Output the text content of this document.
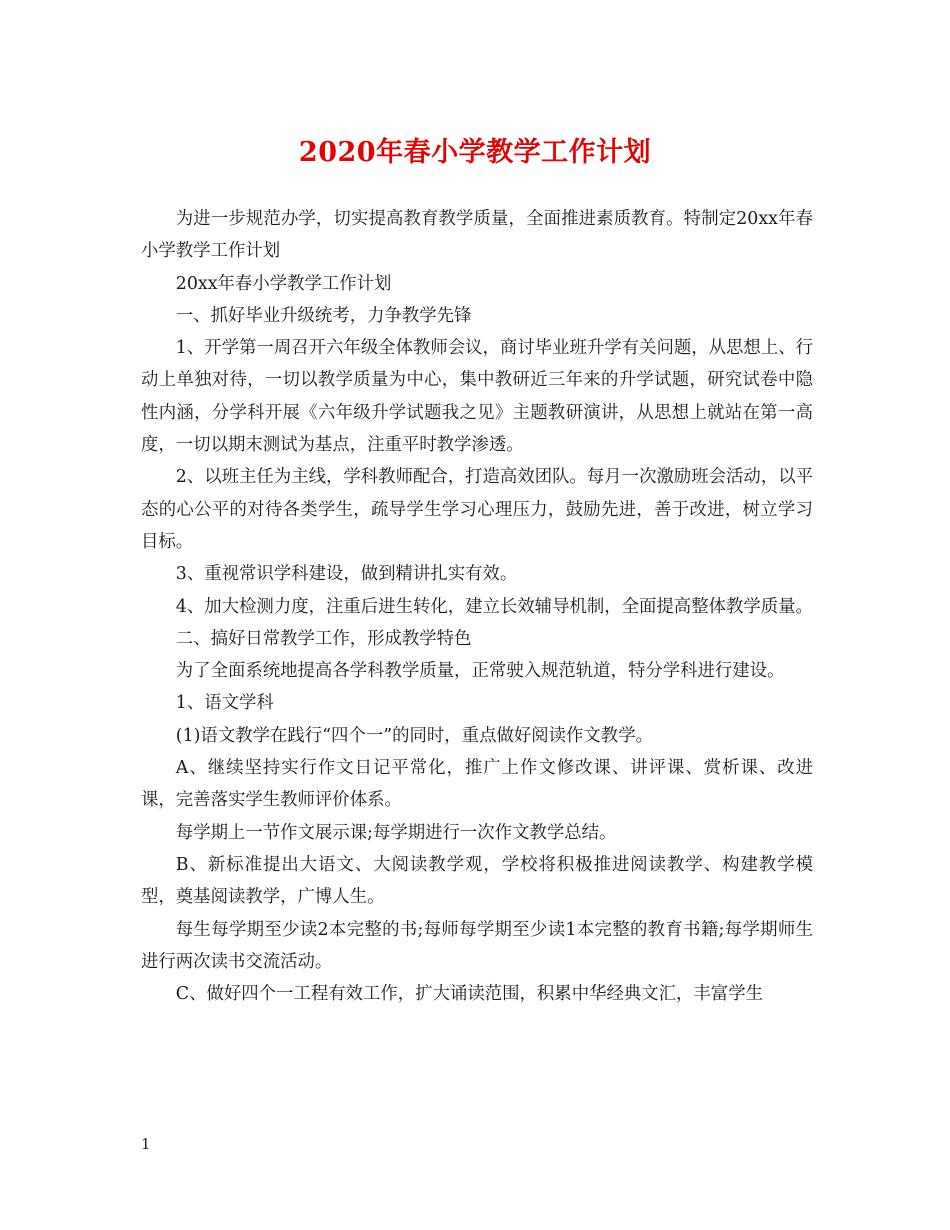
2020年春小学教学工作计划

为进一步规范办学，切实提高教育教学质量，全面推进素质教育。特制定20xx年春小学教学工作计划

20xx年春小学教学工作计划

一、抓好毕业升级统考，力争教学先锋

1、开学第一周召开六年级全体教师会议，商讨毕业班升学有关问题，从思想上、行动上单独对待，一切以教学质量为中心，集中教研近三年来的升学试题，研究试卷中隐性内涵，分学科开展《六年级升学试题我之见》主题教研演讲，从思想上就站在第一高度，一切以期末测试为基点，注重平时教学渗透。

2、以班主任为主线，学科教师配合，打造高效团队。每月一次激励班会活动，以平态的心公平的对待各类学生，疏导学生学习心理压力，鼓励先进，善于改进，树立学习目标。

3、重视常识学科建设，做到精讲扎实有效。

4、加大检测力度，注重后进生转化，建立长效辅导机制，全面提高整体教学质量。

二、搞好日常教学工作，形成教学特色

为了全面系统地提高各学科教学质量，正常驶入规范轨道，特分学科进行建设。

1、语文学科

(1)语文教学在践行“四个一”的同时，重点做好阅读作文教学。

A、继续坚持实行作文日记平常化，推广上作文修改课、讲评课、赏析课、改进课，完善落实学生教师评价体系。

每学期上一节作文展示课;每学期进行一次作文教学总结。

B、新标准提出大语文、大阅读教学观，学校将积极推进阅读教学、构建教学模型，奠基阅读教学，广博人生。

每生每学期至少读2本完整的书;每师每学期至少读1本完整的教育书籍;每学期师生进行两次读书交流活动。

C、做好四个一工程有效工作，扩大诵读范围，积累中华经典文汇，丰富学生

1
